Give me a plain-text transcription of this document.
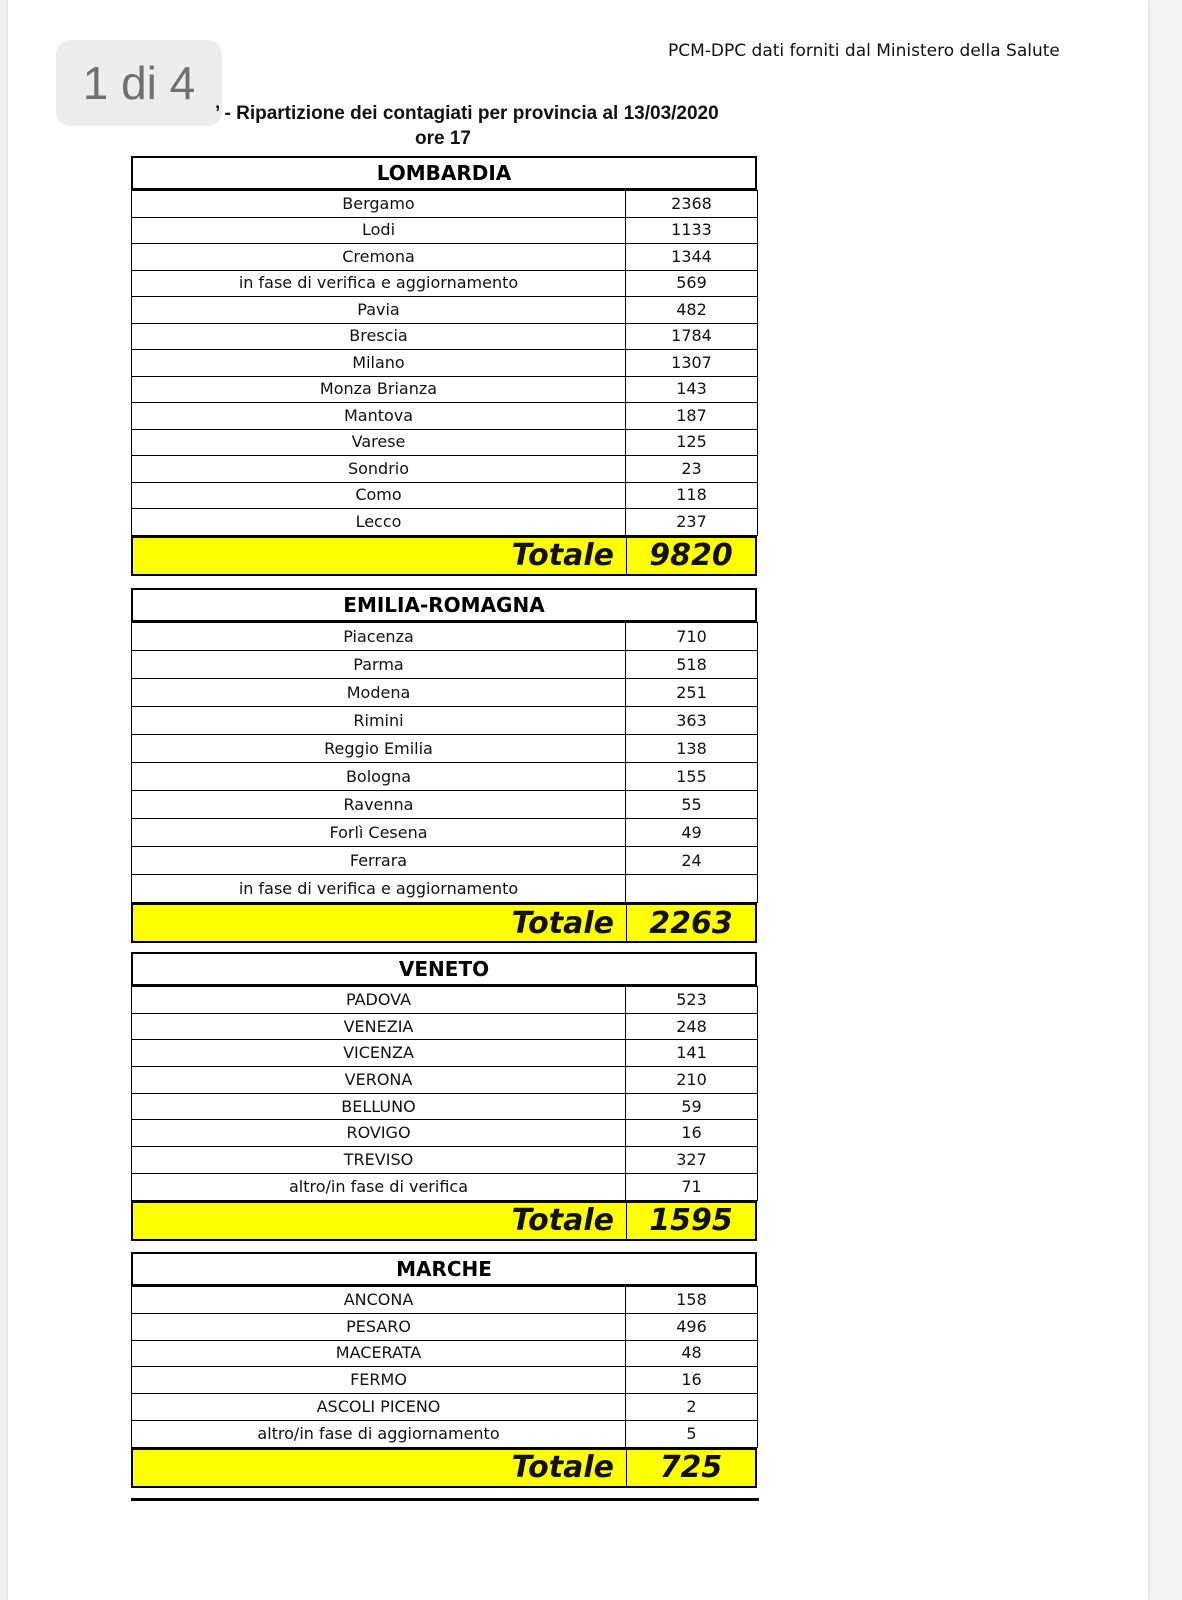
1 di 4
PCM-DPC dati forniti dal Ministero della Salute
’ - Ripartizione dei contagiati per provincia al 13/03/2020
ore 17
LOMBARDIA
Bergamo	2368
Lodi	1133
Cremona	1344
in fase di verifica e aggiornamento	569
Pavia	482
Brescia	1784
Milano	1307
Monza Brianza	143
Mantova	187
Varese	125
Sondrio	23
Como	118
Lecco	237
Totale	9820
EMILIA-ROMAGNA
Piacenza	710
Parma	518
Modena	251
Rimini	363
Reggio Emilia	138
Bologna	155
Ravenna	55
Forlì Cesena	49
Ferrara	24
in fase di verifica e aggiornamento	
Totale	2263
VENETO
PADOVA	523
VENEZIA	248
VICENZA	141
VERONA	210
BELLUNO	59
ROVIGO	16
TREVISO	327
altro/in fase di verifica	71
Totale	1595
MARCHE
ANCONA	158
PESARO	496
MACERATA	48
FERMO	16
ASCOLI PICENO	2
altro/in fase di aggiornamento	5
Totale	725
